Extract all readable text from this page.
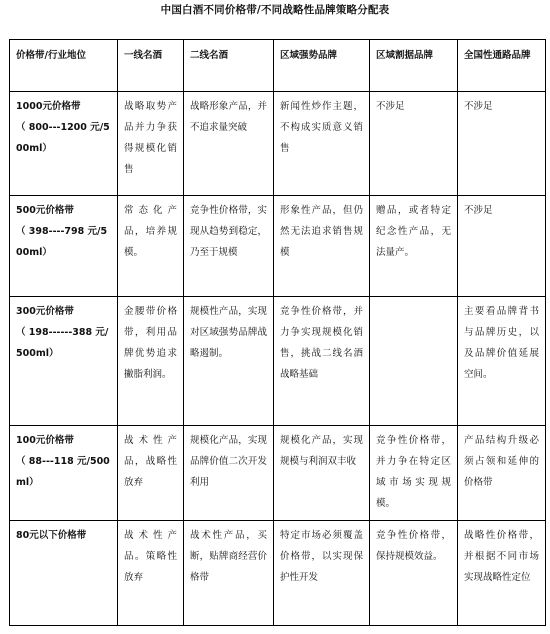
中国白酒不同价格带/不同战略性品牌策略分配表
价格带/行业地位	一线名酒	二线名酒	区域强势品牌	区域割据品牌	全国性通路品牌

1000元价格带
（ 800---1200 元/500ml）	战略取势产品并力争获得规模化销售	战略形象产品，并不追求量突破	新闻性炒作主题，不构成实质意义销售	不涉足	不涉足

500元价格带
（ 398----798 元/500ml）	常态化产品，培养规模。	竞争性价格带，实现从趋势到稳定，乃至于规模	形象性产品，但仍然无法追求销售规模	赠品，或者特定纪念性产品，无法量产。	不涉足

300元价格带
（ 198------388 元/500ml）	金腰带价格带，利用品牌优势追求撇脂利润。	规模性产品，实现对区域强势品牌战略遏制。	竞争性价格带，并力争实现规模化销售，挑战二线名酒战略基础		主要看品牌背书与品牌历史，以及品牌价值延展空间。

100元价格带
（ 88---118 元/500ml）	战术性产品，战略性放弃	规模化产品，实现品牌价值二次开发利用	规模化产品，实现规模与利润双丰收	竞争性价格带，并力争在特定区域市场实现规模。	产品结构升级必须占领和延伸的价格带

80元以下价格带	战术性产品。策略性放弃	战术性产品，买断，贴牌商经营价格带	特定市场必须覆盖价格带，以实现保护性开发	竞争性价格带，保持规模效益。	战略性价格带，并根据不同市场实现战略性定位
